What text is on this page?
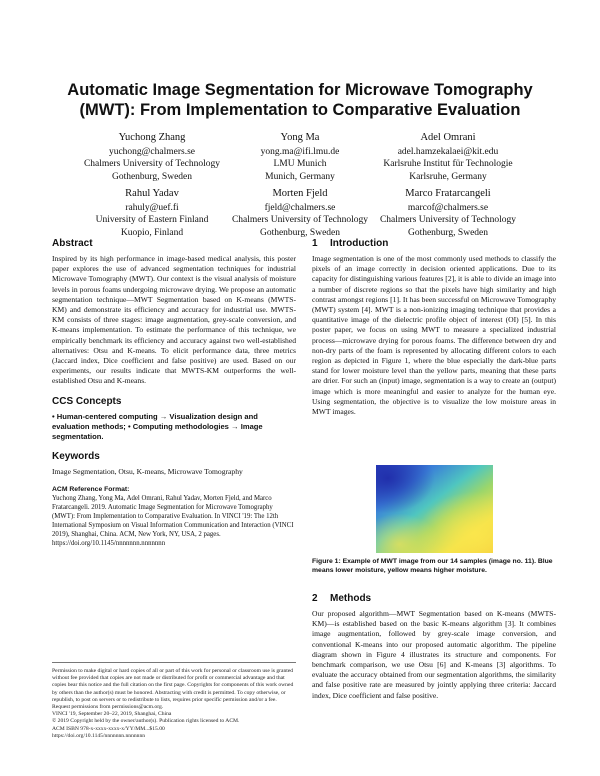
Automatic Image Segmentation for Microwave Tomography (MWT): From Implementation to Comparative Evaluation
Yuchong Zhang
yuchong@chalmers.se
Chalmers University of Technology
Gothenburg, Sweden
Yong Ma
yong.ma@ifi.lmu.de
LMU Munich
Munich, Germany
Adel Omrani
adel.hamzekalaei@kit.edu
Karlsruhe Institut für Technologie
Karlsruhe, Germany
Rahul Yadav
rahuly@uef.fi
University of Eastern Finland
Kuopio, Finland
Morten Fjeld
fjeld@chalmers.se
Chalmers University of Technology
Gothenburg, Sweden
Marco Fratarcangeli
marcof@chalmers.se
Chalmers University of Technology
Gothenburg, Sweden
Abstract

Inspired by its high performance in image-based medical analysis, this poster paper explores the use of advanced segmentation techniques for industrial Microwave Tomography (MWT). Our context is the visual analysis of moisture levels in porous foams undergoing microwave drying. We propose an automatic segmentation technique—MWT Segmentation based on K-means (MWTS-KM) and demonstrate its efficiency and accuracy for industrial use. MWTS-KM consists of three stages: image augmentation, grey-scale conversion, and K-means implementation. To estimate the performance of this technique, we empirically benchmark its efficiency and accuracy against two well-established alternatives: Otsu and K-means. To elicit performance data, three metrics (Jaccard index, Dice coefficient and false positive) are used. Based on our experiments, our results indicate that MWTS-KM outperforms the well-established Otsu and K-means.

CCS Concepts
• Human-centered computing → Visualization design and evaluation methods; • Computing methodologies → Image segmentation.
Keywords

Image Segmentation, Otsu, K-means, Microwave Tomography

ACM Reference Format:
Yuchong Zhang, Yong Ma, Adel Omrani, Rahul Yadav, Morten Fjeld, and Marco Fratarcangeli. 2019. Automatic Image Segmentation for Microwave Tomography (MWT): From Implementation to Comparative Evaluation. In VINCI '19: The 12th International Symposium on Visual Information Communication and Interaction (VINCI 2019), Shanghai, China. ACM, New York, NY, USA, 2 pages. https://doi.org/10.1145/nnnnnnn.nnnnnnn
Permission to make digital or hard copies of all or part of this work for personal or classroom use is granted without fee provided that copies are not made or distributed for profit or commercial advantage and that copies bear this notice and the full citation on the first page. Copyrights for components of this work owned by others than the author(s) must be honored. Abstracting with credit is permitted. To copy otherwise, or republish, to post on servers or to redistribute to lists, requires prior specific permission and/or a fee. Request permissions from permissions@acm.org.
VINCI '19, September 20–22, 2019, Shanghai, China
© 2019 Copyright held by the owner/author(s). Publication rights licensed to ACM.
ACM ISBN 978-x-xxxx-xxxx-x/YY/MM...$15.00
https://doi.org/10.1145/nnnnnnn.nnnnnnn
1 Introduction

Image segmentation is one of the most commonly used methods to classify the pixels of an image correctly in decision oriented applications. Due to its capacity for distinguishing various features [2], it is able to divide an image into a number of discrete regions so that the pixels have high similarity and high contrast amongst regions [1]. It has been successful on Microwave Tomography (MWT) system [4]. MWT is a non-ionizing imaging technique that provides a quantitative image of the dielectric profile object of interest (OI) [5]. In this poster paper, we focus on using MWT to measure a specialized industrial process—microwave drying for porous foams. The difference between dry and non-dry parts of the foam is represented by allocating different colors to each region as depicted in Figure 1, where the blue especially the dark-blue parts stand for lower moisture level than the yellow parts, meaning that these parts are drier. For such an (input) image, segmentation is a way to create an (output) image which is more meaningful and easier to analyze for the human eye. Using segmentation, the objective is to visualize the low moisture areas in MWT images.

Figure 1: Example of MWT image from our 14 samples (image no. 11). Blue means lower moisture, yellow means higher moisture.
2 Methods

Our proposed algorithm—MWT Segmentation based on K-means (MWTS-KM)—is established based on the basic K-means algorithm [3]. It combines image augmentation, followed by grey-scale image conversion, and conventional K-means into our proposed automatic algorithm. The pipeline diagram shown in Figure 4 illustrates its structure and components. For benchmark comparison, we use Otsu [6] and K-means [3] algorithms. To evaluate the accuracy obtained from our segmentation algorithms, the similarity and false positive rate are measured by jointly applying three criteria: Jaccard index, Dice coefficient and false positive.
